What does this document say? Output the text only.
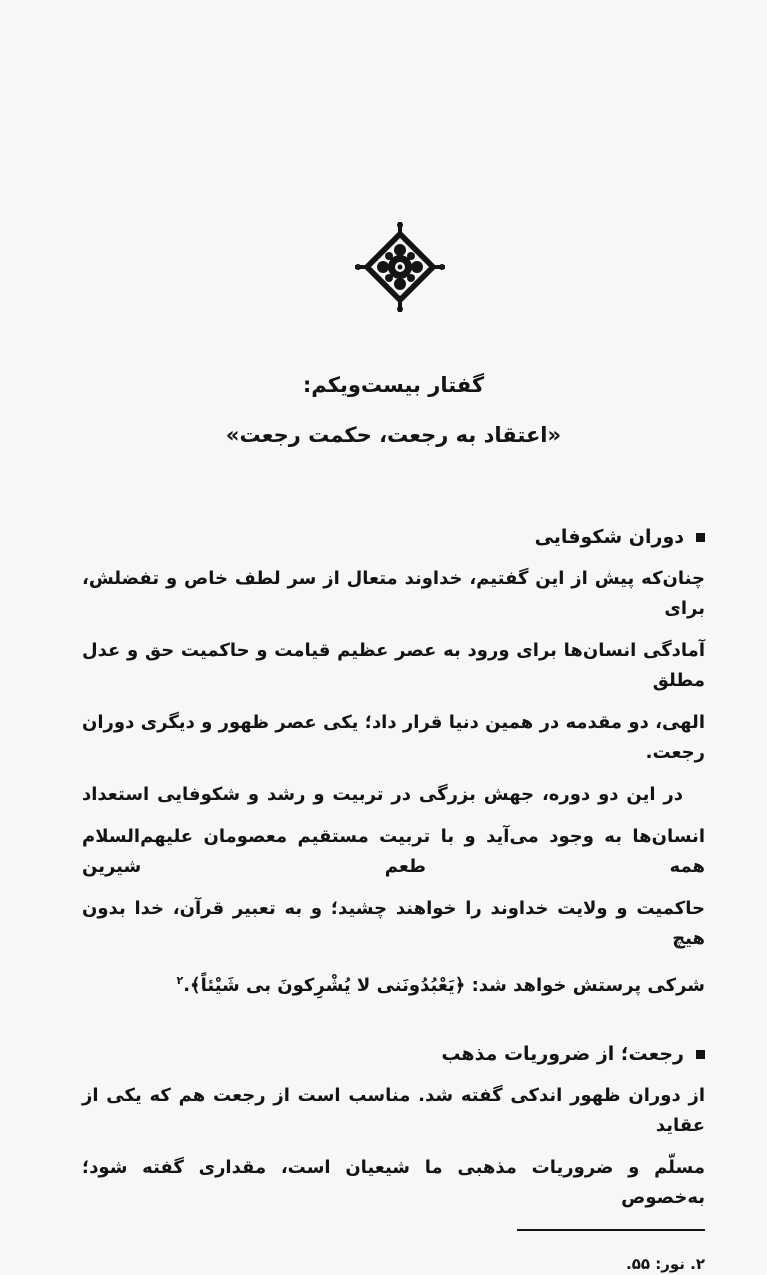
گفتار بیست‌ویکم:
«اعتقاد به رجعت، حکمت رجعت»
دوران شکوفایی
چنان‌که پیش از این گفتیم، خداوند متعال از سر لطف خاص و تفضلش، برای
آمادگی انسان‌ها برای ورود به عصر عظیم قیامت و حاکمیت حق و عدل مطلق
الهی، دو مقدمه در همین دنیا قرار داد؛ یکی عصر ظهور و دیگری دوران رجعت.
در این دو دوره، جهش بزرگی در تربیت و رشد و شکوفایی استعداد
انسان‌ها به وجود می‌آید و با تربیت مستقیم معصومان علیهم‌السلام همه طعم شیرین
حاکمیت و ولایت خداوند را خواهند چشید؛ و به تعبیر قرآن، خدا بدون هیچ
شرکی پرستش خواهد شد: ﴿یَعْبُدُونَنی لا یُشْرِکونَ بی شَیْئاً﴾.$^۲$
رجعت؛ از ضروریات مذهب
از دوران ظهور اندکی گفته شد. مناسب است از رجعت هم که یکی از عقاید
مسلّم و ضروریات مذهبی ما شیعیان است، مقداری گفته شود؛ به‌خصوص
۲. نور: ۵۵.
